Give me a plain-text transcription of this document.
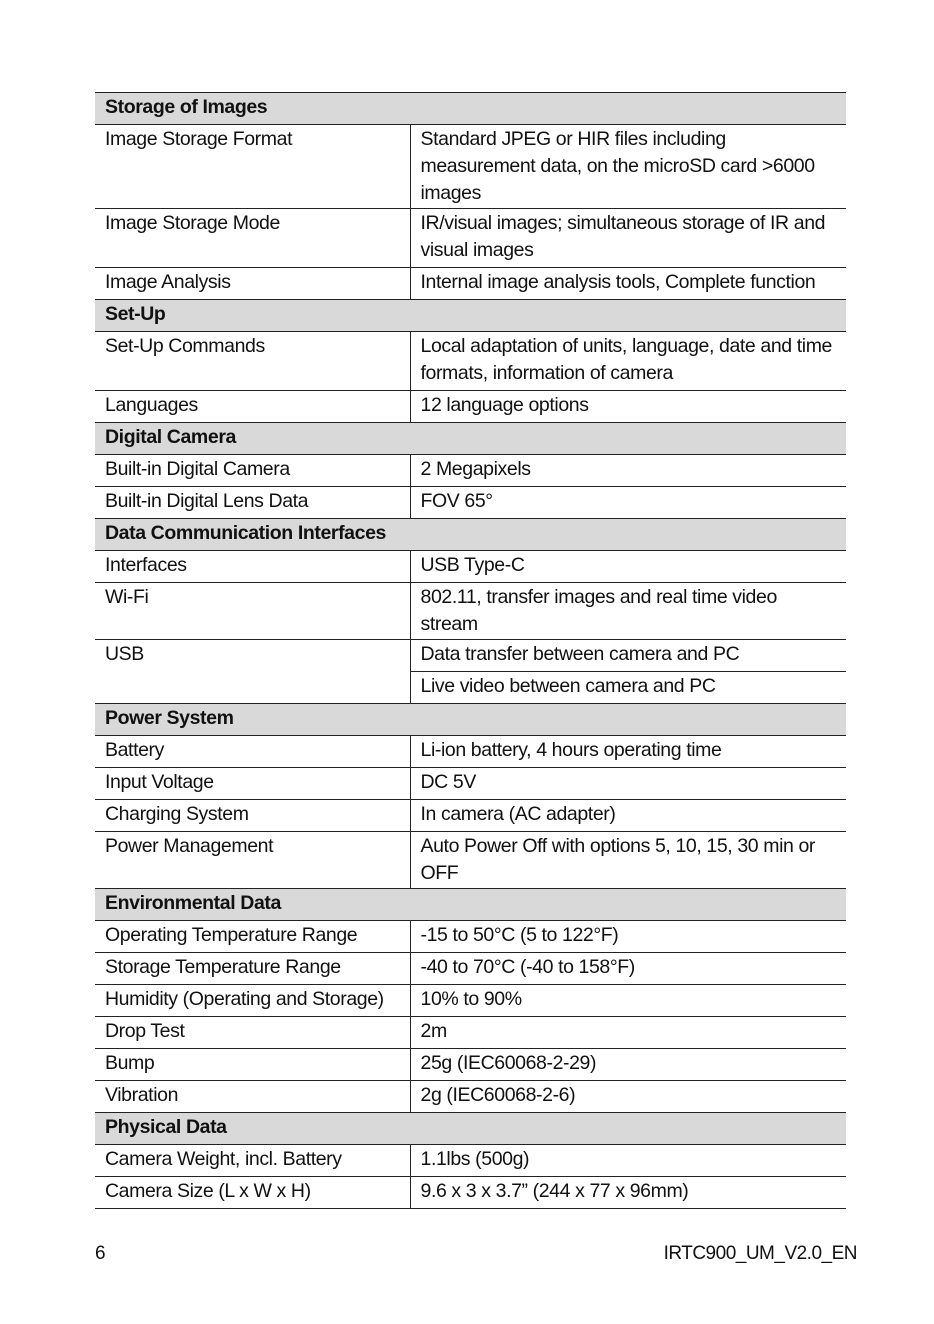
Storage of Images	
Image Storage Format	Standard JPEG or HIR files including measurement data, on the microSD card >6000 images
Image Storage Mode	IR/visual images; simultaneous storage of IR and visual images
Image Analysis	Internal image analysis tools, Complete function
Set-Up	
Set-Up Commands	Local adaptation of units, language, date and time formats, information of camera
Languages	12 language options
Digital Camera	
Built-in Digital Camera	2 Megapixels
Built-in Digital Lens Data	FOV 65°
Data Communication Interfaces	
Interfaces	USB Type-C
Wi-Fi	802.11, transfer images and real time video stream
USB	Data transfer between camera and PC
	Live video between camera and PC
Power System	
Battery	Li-ion battery, 4 hours operating time
Input Voltage	DC 5V
Charging System	In camera (AC adapter)
Power Management	Auto Power Off with options 5, 10, 15, 30 min or OFF
Environmental Data	
Operating Temperature Range	-15 to 50°C (5 to 122°F)
Storage Temperature Range	-40 to 70°C (-40 to 158°F)
Humidity (Operating and Storage)	10% to 90%
Drop Test	2m
Bump	25g (IEC60068-2-29)
Vibration	2g (IEC60068-2-6)
Physical Data	
Camera Weight, incl. Battery	1.1lbs (500g)
Camera Size (L x W x H)	9.6 x 3 x 3.7” (244 x 77 x 96mm)
6	IRTC900_UM_V2.0_EN
